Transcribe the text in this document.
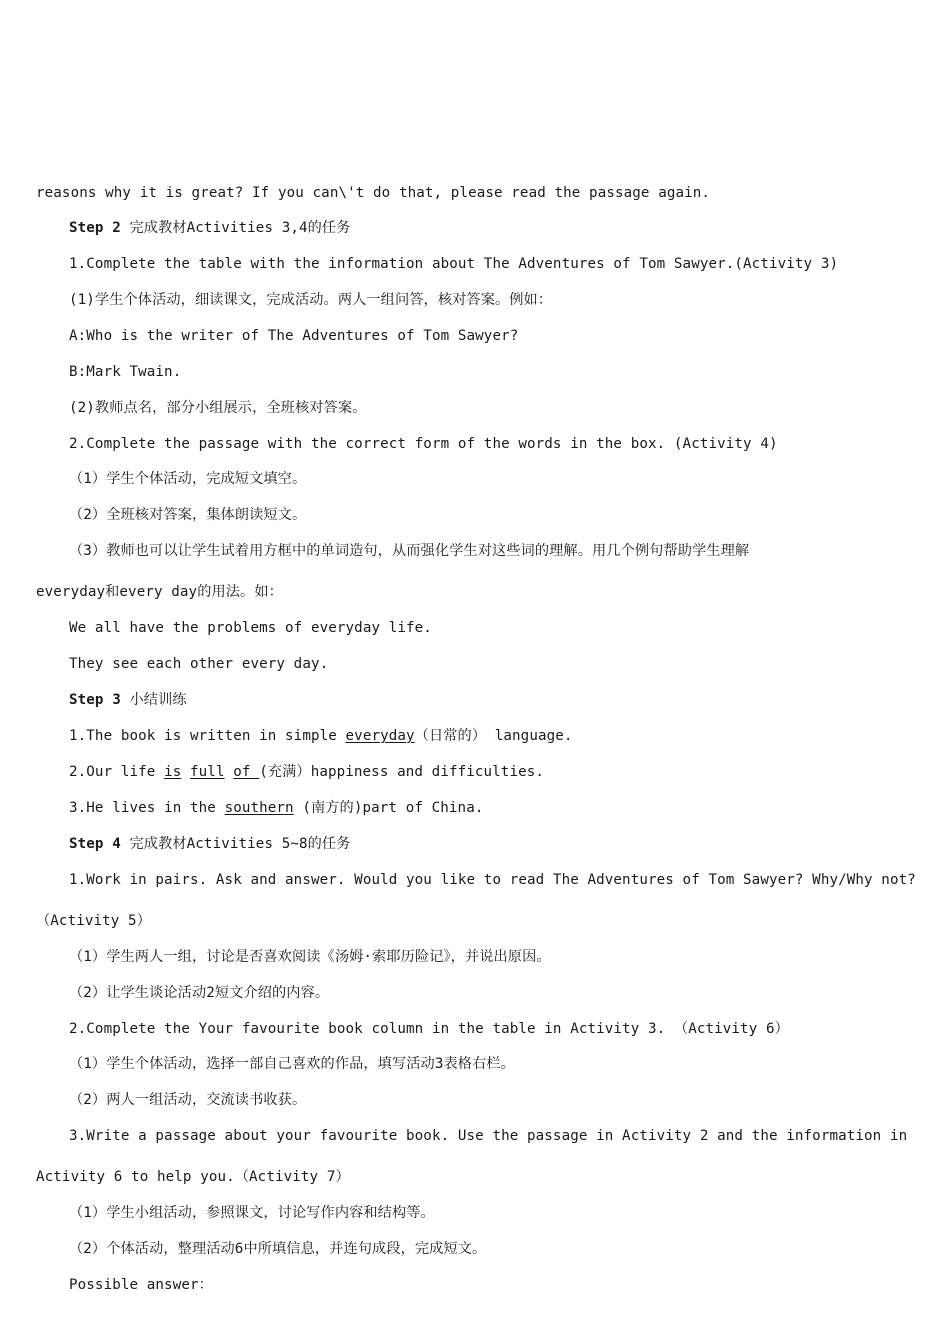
reasons why it is great? If you can\'t do that, please read the passage again.
Step 2 完成教材Activities 3,4的任务
1.Complete the table with the information about The Adventures of Tom Sawyer.(Activity 3)
(1)学生个体活动，细读课文，完成活动。两人一组问答，核对答案。例如：
A:Who is the writer of The Adventures of Tom Sawyer?
B:Mark Twain.
(2)教师点名，部分小组展示，全班核对答案。
2.Complete the passage with the correct form of the words in the box. (Activity 4)
（1）学生个体活动，完成短文填空。
（2）全班核对答案，集体朗读短文。
（3）教师也可以让学生试着用方框中的单词造句，从而强化学生对这些词的理解。用几个例句帮助学生理解
everyday和every day的用法。如：
We all have the problems of everyday life.
They see each other every day.
Step 3 小结训练
1.The book is written in simple everyday（日常的） language.
2.Our life is full of (充满）happiness and difficulties.
3.He lives in the southern (南方的)part of China.
Step 4 完成教材Activities 5~8的任务
1.Work in pairs. Ask and answer. Would you like to read The Adventures of Tom Sawyer? Why/Why not?
（Activity 5）
（1）学生两人一组，讨论是否喜欢阅读《汤姆·索耶历险记》，并说出原因。
（2）让学生谈论活动2短文介绍的内容。
2.Complete the Your favourite book column in the table in Activity 3. （Activity 6）
（1）学生个体活动，选择一部自己喜欢的作品，填写活动3表格右栏。
（2）两人一组活动，交流读书收获。
3.Write a passage about your favourite book. Use the passage in Activity 2 and the information in
Activity 6 to help you.（Activity 7）
（1）学生小组活动，参照课文，讨论写作内容和结构等。
（2）个体活动，整理活动6中所填信息，并连句成段，完成短文。
Possible answer：
